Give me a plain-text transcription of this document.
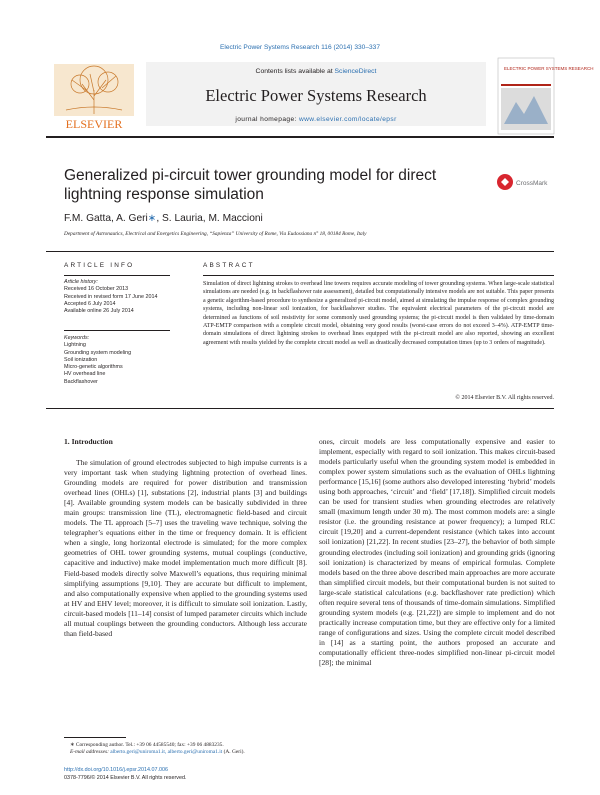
Electric Power Systems Research 116 (2014) 330–337
ELSEVIER
Contents lists available at ScienceDirect
Electric Power Systems Research
journal homepage: www.elsevier.com/locate/epsr
ELECTRIC POWER SYSTEMS RESEARCH
Generalized pi-circuit tower grounding model for direct lightning response simulation
CrossMark
F.M. Gatta, A. Geri∗, S. Lauria, M. Maccioni
Department of Astronautics, Electrical and Energetics Engineering, “Sapienza” University of Rome, Via Eudossiana n° 18, 00184 Rome, Italy
ARTICLE INFO
Article history:
Received 16 October 2013
Received in revised form 17 June 2014
Accepted 6 July 2014
Available online 26 July 2014
Keywords:
Lightning
Grounding system modeling
Soil ionization
Micro-genetic algorithms
HV overhead line
Backflashover
ABSTRACT
Simulation of direct lightning strokes to overhead line towers requires accurate modeling of tower grounding systems. When large-scale statistical simulations are needed (e.g. in backflashover rate assessment), detailed but computationally intensive models are not suitable. This paper presents a genetic algorithm-based procedure to synthesize a generalized pi-circuit model, aimed at simulating the impulse response of complex grounding systems, including non-linear soil ionization, for backflashover studies. The equivalent electrical parameters of the pi-circuit model are determined as functions of soil resistivity for some commonly used grounding systems; the pi-circuit model is then validated by time-domain ATP-EMTP comparison with a complete circuit model, obtaining very good results (worst-case errors do not exceed 3–4%). ATP-EMTP time-domain simulations of direct lightning strokes to overhead lines equipped with the pi-circuit model are also reported, showing an excellent agreement with results yielded by the complete circuit model as well as drastically decreased computation times (up to 3 orders of magnitude).
© 2014 Elsevier B.V. All rights reserved.
1. Introduction

The simulation of ground electrodes subjected to high impulse currents is a very important task when studying lightning protection of overhead lines. Grounding models are required for power distribution and transmission overhead lines (OHLs) [1], substations [2], industrial plants [3] and buildings [4]. Available grounding system models can be basically subdivided in three main groups: transmission line (TL), electromagnetic field-based and circuit models. The TL approach [5–7] uses the traveling wave technique, solving the telegrapher’s equations either in the time or frequency domain. It is efficient when a single, long horizontal electrode is simulated; for the more complex geometries of OHL tower grounding systems, mutual couplings (conductive, capacitive and inductive) make model implementation much more difficult [8]. Field-based models directly solve Maxwell’s equations, thus requiring minimal simplifying assumptions [9,10]. They are accurate but difficult to implement, and also computationally expensive when applied to the grounding systems used at HV and EHV level; moreover, it is difficult to simulate soil ionization. Lastly, circuit-based models [11–14] consist of lumped parameter circuits which include all mutual couplings between the grounding conductors. Although less accurate than field-based

ones, circuit models are less computationally expensive and easier to implement, especially with regard to soil ionization. This makes circuit-based models particularly useful when the grounding system model is embedded in complex power system simulations such as the evaluation of OHLs lightning performance [15,16] (some authors also developed interesting ‘hybrid’ models using both approaches, ‘circuit’ and ‘field’ [17,18]). Simplified circuit models can be used for transient studies when grounding electrodes are relatively small (maximum length under 30 m). The most common models are: a single resistor (i.e. the grounding resistance at power frequency); a lumped RLC circuit [19,20] and a current-dependent resistance (which takes into account soil ionization) [21,22]. In recent studies [23–27], the behavior of both simple grounding electrodes (including soil ionization) and grounding grids (ignoring soil ionization) is characterized by means of empirical formulas. Complete models based on the three above described main approaches are more accurate than simplified circuit models, but their computational burden is not suited to large-scale statistical calculations (e.g. backflashover rate prediction) which often require several tens of thousands of time-domain simulations. Simplified grounding system models (e.g. [21,22]) are simple to implement and do not practically increase computation time, but they are effective only for a limited range of configurations and sizes. Using the complete circuit model described in [14] as a starting point, the authors proposed an accurate and computationally efficient three-nodes simplified non-linear pi-circuit model [28]; the minimal

∗ Corresponding author. Tel.: +39 06 44585540; fax: +39 06 4883235.
E-mail addresses: alberto.geri@uniroma1.it, alberto.geri@uniroma1.it (A. Geri).
http://dx.doi.org/10.1016/j.epsr.2014.07.006
0378-7796/© 2014 Elsevier B.V. All rights reserved.
